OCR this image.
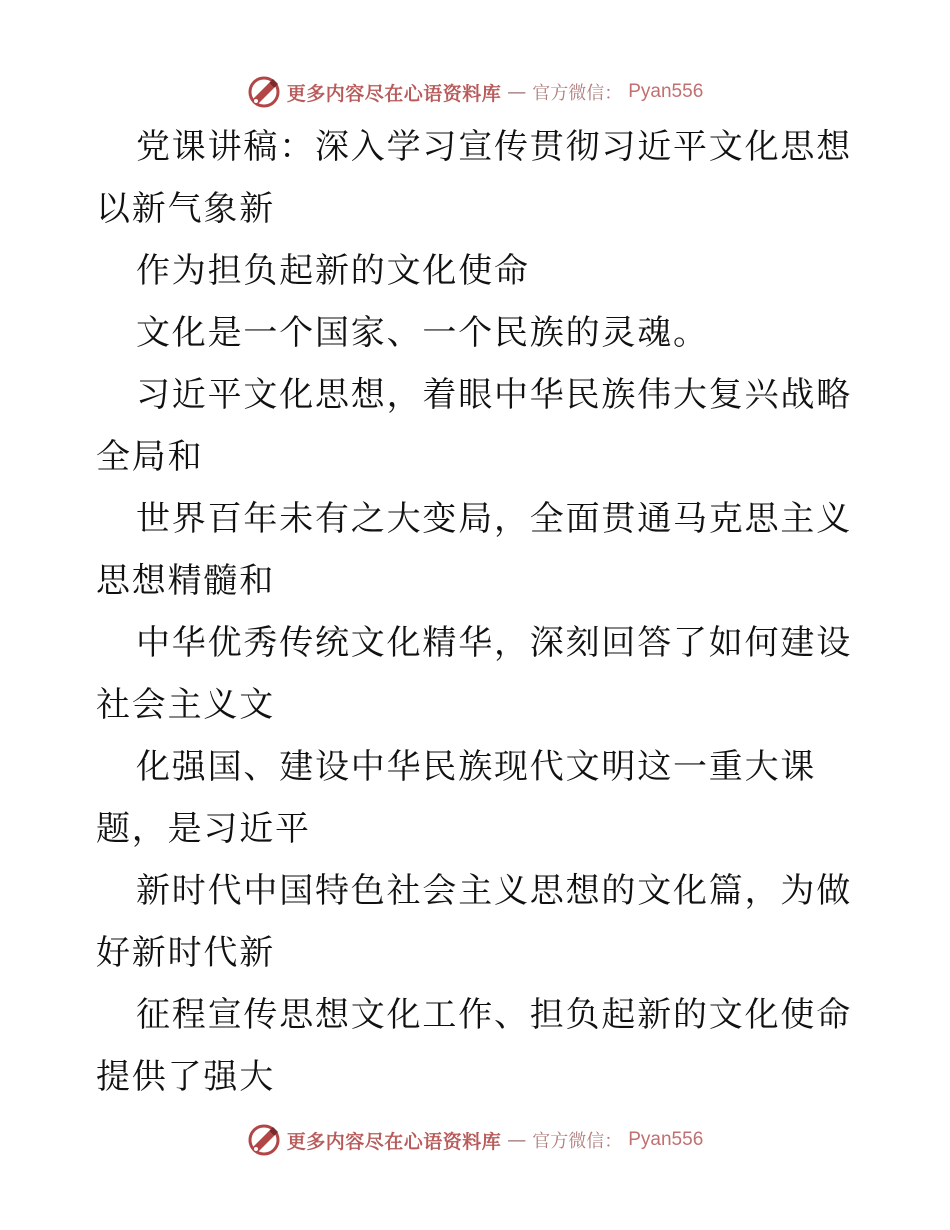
更多内容尽在心语资料库 — 官方微信： Pyan556

党课讲稿：深入学习宣传贯彻习近平文化思想以新气象新

作为担负起新的文化使命

文化是一个国家、一个民族的灵魂。

习近平文化思想，着眼中华民族伟大复兴战略全局和

世界百年未有之大变局，全面贯通马克思主义思想精髓和

中华优秀传统文化精华，深刻回答了如何建设社会主义文

化强国、建设中华民族现代文明这一重大课题，是习近平

新时代中国特色社会主义思想的文化篇，为做好新时代新

征程宣传思想文化工作、担负起新的文化使命提供了强大

更多内容尽在心语资料库 — 官方微信： Pyan556
